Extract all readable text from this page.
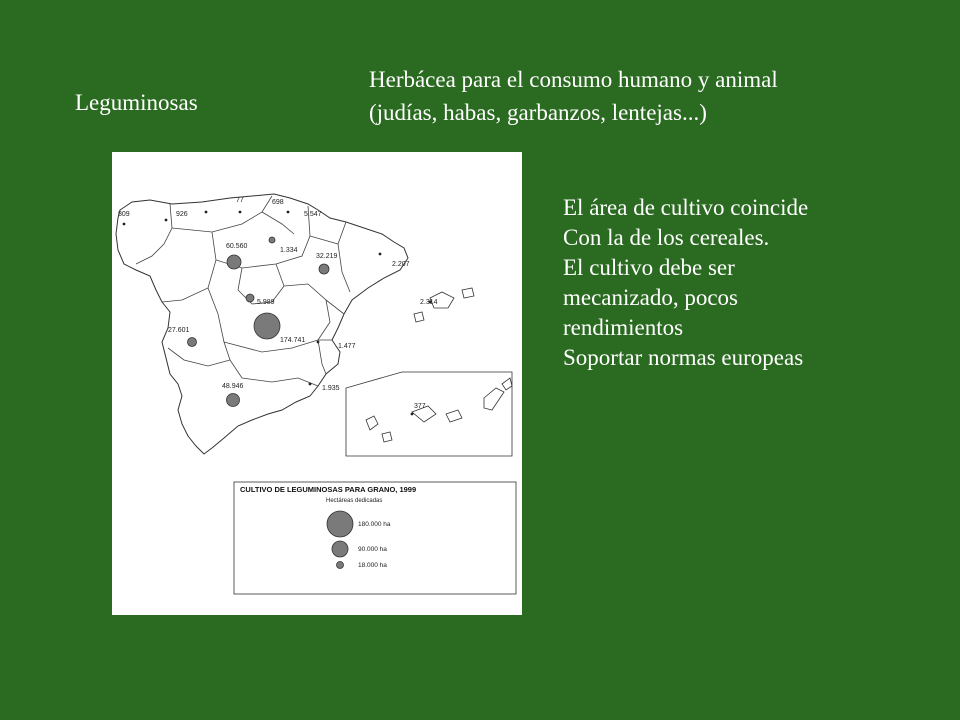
Leguminosas
Herbácea para el consumo humano y animal
(judías, habas, garbanzos, lentejas...)
El área de cultivo coincide
Con la de los cereales.
El cultivo debe ser
mecanizado, pocos
rendimientos
Soportar normas europeas
809	926
77	698
5.547
1.334
60.560
32.219
2.207
5.989	2.314
27.601
174.741
1.477
48.946	1.935
377
CULTIVO DE LEGUMINOSAS PARA GRANO, 1999
Hectáreas dedicadas
180.000 ha
90.000 ha
18.000 ha
